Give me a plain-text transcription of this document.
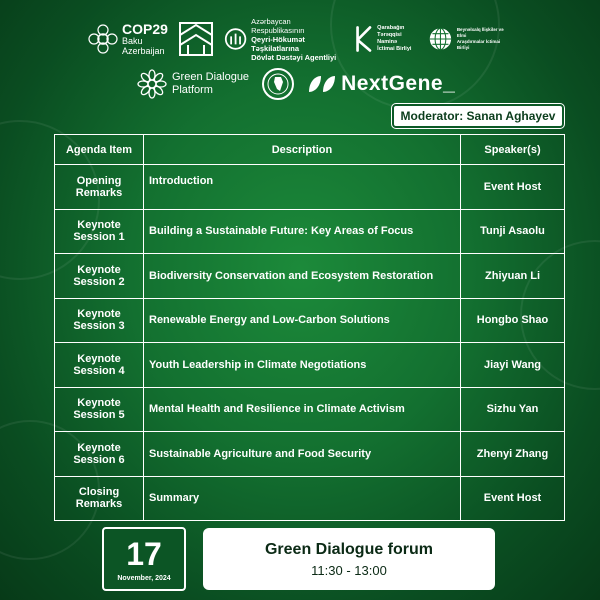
COP29
Baku
Azerbaijan
Azərbaycan Respublikasının
Qeyri-Hökumət Təşkilatlarına
Dövlət Dəstəyi Agentliyi
Qarabağın
Tərəqqisi Naminə
İctimai Birliyi
Beynəlxalq İlişkilər və Elmi
Araşdırmalar İctimai Birliyi
Green Dialogue
Platform	NextGene_
Moderator: Sanan Aghayev
Agenda Item	Description	Speaker(s)
Opening Remarks	Introduction	Event Host
Keynote Session 1	Building a Sustainable Future: Key Areas of Focus	Tunji Asaolu
Keynote Session 2	Biodiversity Conservation and Ecosystem Restoration	Zhiyuan Li
Keynote Session 3	Renewable Energy and Low-Carbon Solutions	Hongbo Shao
Keynote Session 4	Youth Leadership in Climate Negotiations	Jiayi Wang
Keynote Session 5	Mental Health and Resilience in Climate Activism	Sizhu Yan
Keynote Session 6	Sustainable Agriculture and Food Security	Zhenyi Zhang
Closing Remarks	Summary	Event Host
17
November, 2024
Green Dialogue forum
11:30 - 13:00
